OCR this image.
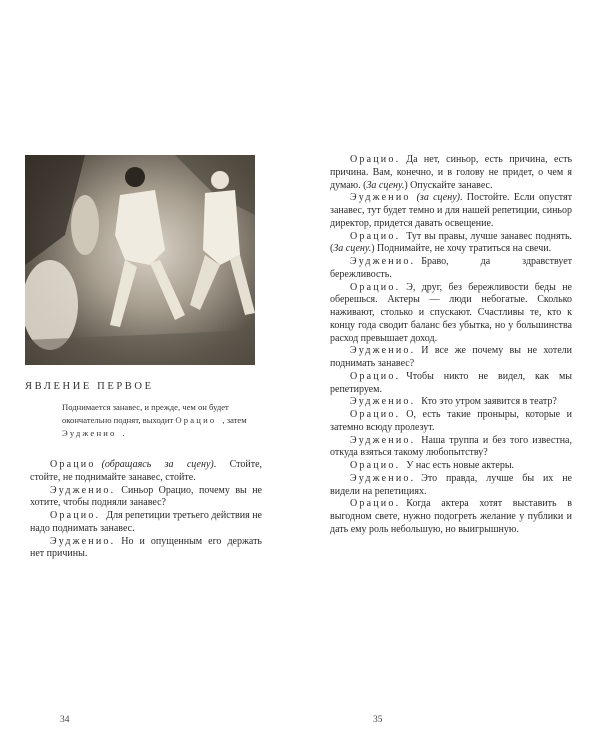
ЯВЛЕНИЕ ПЕРВОЕ
Поднимается занавес, и прежде, чем он будет окончательно поднят, выходит Орацио , затем Эудженио .

Орацио (обращаясь за сцену). Стойте, стойте, не поднимайте занавес, стойте.

Эудженио. Синьор Орацио, почему вы не хотите, чтобы подняли занавес?

Орацио. Для репетиции третьего действия не надо поднимать занавес.

Эудженио. Но и опущенным его держать нет причины.

34

Орацио. Да нет, синьор, есть причина, есть причина. Вам, конечно, и в голову не придет, о чем я думаю. (За сцену.) Опускайте занавес.

Эудженио (за сцену). Постойте. Если опустят занавес, тут будет темно и для нашей репетиции, синьор директор, придется давать освещение.

Орацио. Тут вы правы, лучше занавес поднять. (За сцену.) Поднимайте, не хочу тратиться на свечи.

Эудженио. Браво, да здравствует бережливость.

Орацио. Э, друг, без бережливости беды не оберешься. Актеры — люди небогатые. Сколько наживают, столько и спускают. Счастливы те, кто к концу года сводит баланс без убытка, но у большинства расход превышает доход.

Эудженио. И все же почему вы не хотели поднимать занавес?

Орацио. Чтобы никто не видел, как мы репетируем.

Эудженио. Кто это утром заявится в театр?

Орацио. О, есть такие проныры, которые и затемно всюду пролезут.

Эудженио. Наша труппа и без того известна, откуда взяться такому любопытству?

Орацио. У нас есть новые актеры.

Эудженио. Это правда, лучше бы их не видели на репетициях.

Орацио. Когда актера хотят выставить в выгодном свете, нужно подогреть желание у публики и дать ему роль небольшую, но выигрышную.

35
